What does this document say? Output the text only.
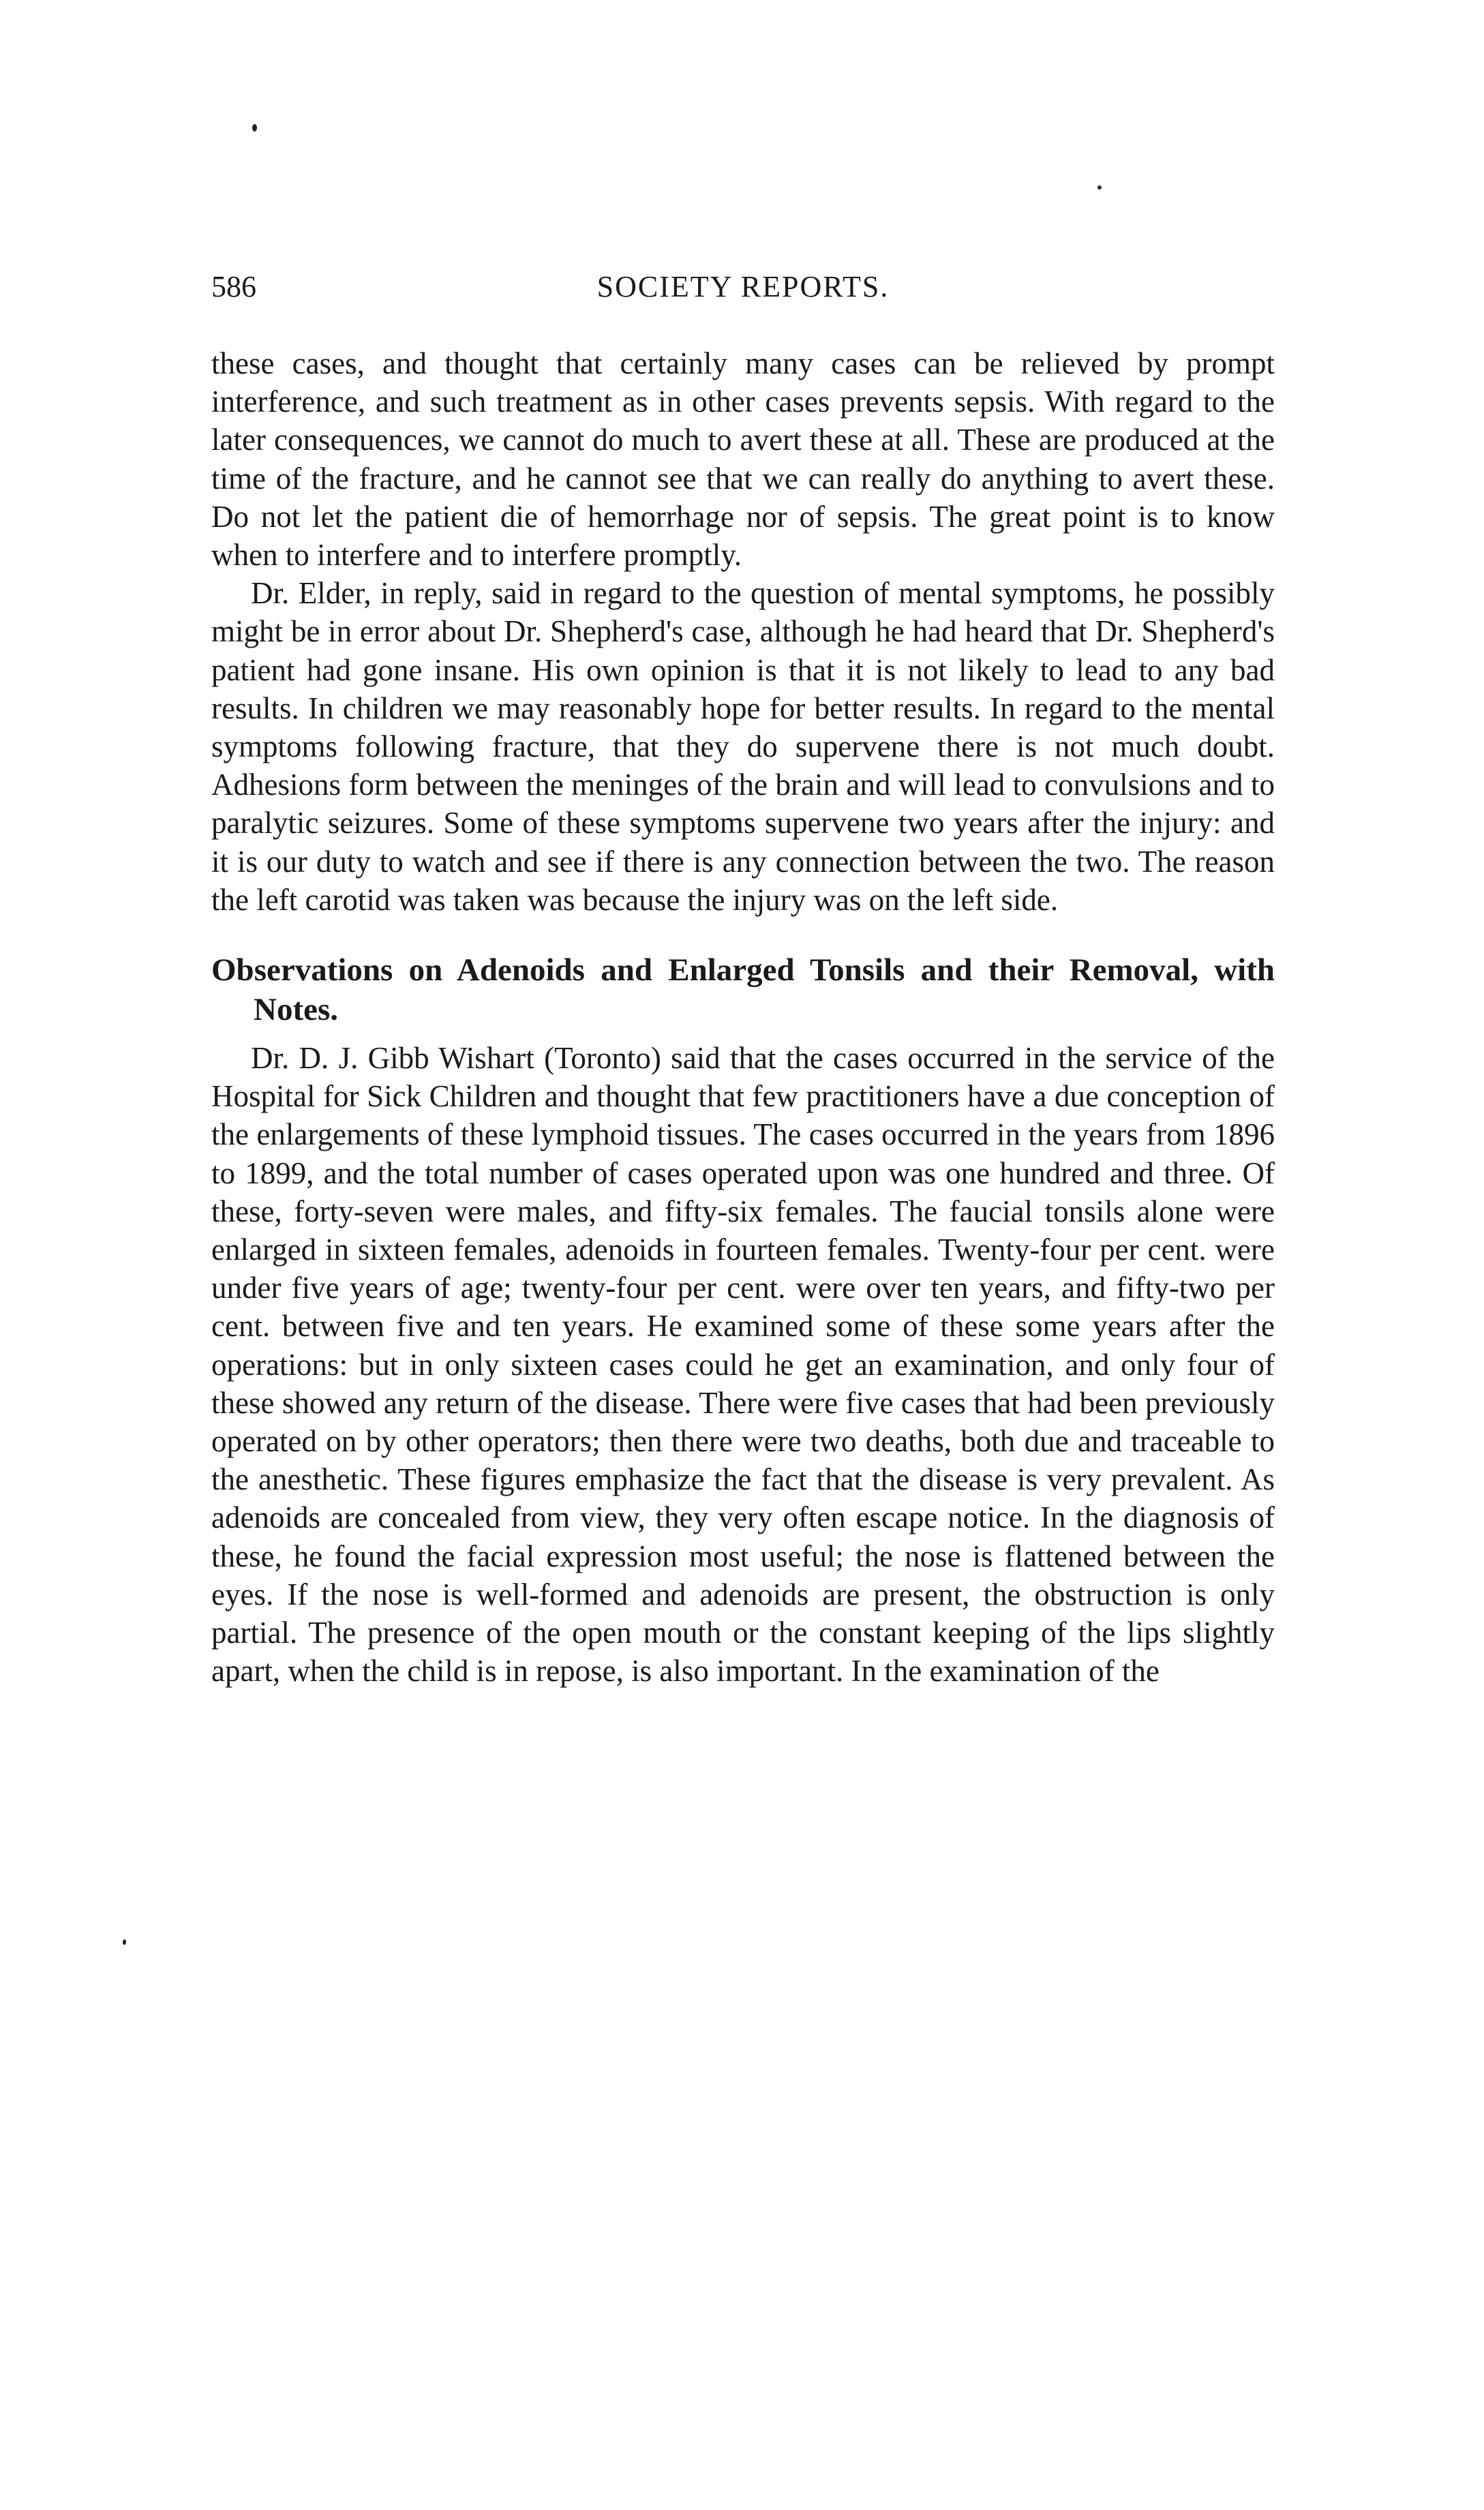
586	SOCIETY REPORTS.

these cases, and thought that certainly many cases can be relieved by prompt interference, and such treatment as in other cases prevents sepsis. With regard to the later consequences, we cannot do much to avert these at all. These are produced at the time of the fracture, and he cannot see that we can really do anything to avert these. Do not let the patient die of hemorrhage nor of sepsis. The great point is to know when to interfere and to interfere promptly.

Dr. Elder, in reply, said in regard to the question of mental symptoms, he possibly might be in error about Dr. Shepherd's case, although he had heard that Dr. Shepherd's patient had gone insane. His own opinion is that it is not likely to lead to any bad results. In children we may reasonably hope for better results. In regard to the mental symptoms following fracture, that they do supervene there is not much doubt. Adhesions form between the meninges of the brain and will lead to convulsions and to paralytic seizures. Some of these symptoms supervene two years after the injury: and it is our duty to watch and see if there is any connection between the two. The reason the left carotid was taken was because the injury was on the left side.

Observations on Adenoids and Enlarged Tonsils and their Removal, with Notes.

Dr. D. J. Gibb Wishart (Toronto) said that the cases occurred in the service of the Hospital for Sick Children and thought that few practitioners have a due conception of the enlargements of these lymphoid tissues. The cases occurred in the years from 1896 to 1899, and the total number of cases operated upon was one hundred and three. Of these, forty-seven were males, and fifty-six females. The faucial tonsils alone were enlarged in sixteen females, adenoids in fourteen females. Twenty-four per cent. were under five years of age; twenty-four per cent. were over ten years, and fifty-two per cent. between five and ten years. He examined some of these some years after the operations: but in only sixteen cases could he get an examination, and only four of these showed any return of the disease. There were five cases that had been previously operated on by other operators; then there were two deaths, both due and traceable to the anesthetic. These figures emphasize the fact that the disease is very prevalent. As adenoids are concealed from view, they very often escape notice. In the diagnosis of these, he found the facial expression most useful; the nose is flattened between the eyes. If the nose is well-formed and adenoids are present, the obstruction is only partial. The presence of the open mouth or the constant keeping of the lips slightly apart, when the child is in repose, is also important. In the examination of the
